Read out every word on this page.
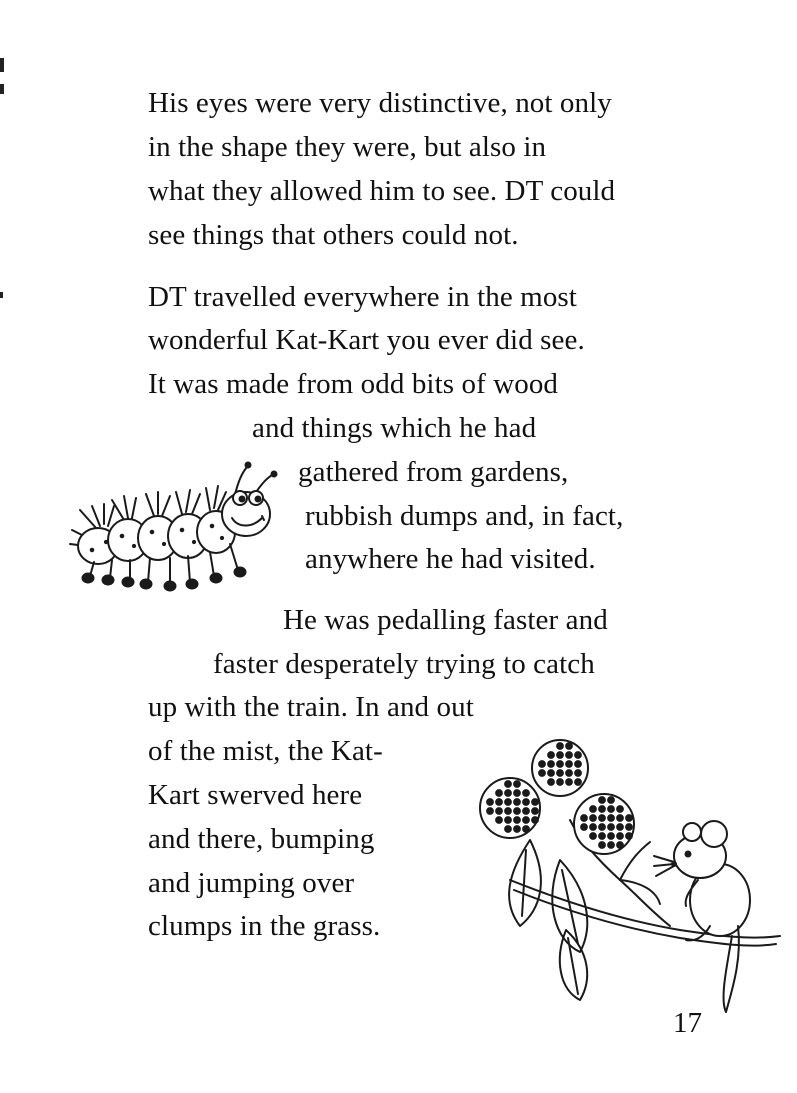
His eyes were very distinctive, not only
in the shape they were, but also in
what they allowed him to see. DT could
see things that others could not.
DT travelled everywhere in the most
wonderful Kat-Kart you ever did see.
It was made from odd bits of wood
and things which he had
gathered from gardens,
rubbish dumps and, in fact,
anywhere he had visited.
He was pedalling faster and
faster desperately trying to catch
up with the train. In and out
of the mist, the Kat-
Kart swerved here
and there, bumping
and jumping over
clumps in the grass.
17
